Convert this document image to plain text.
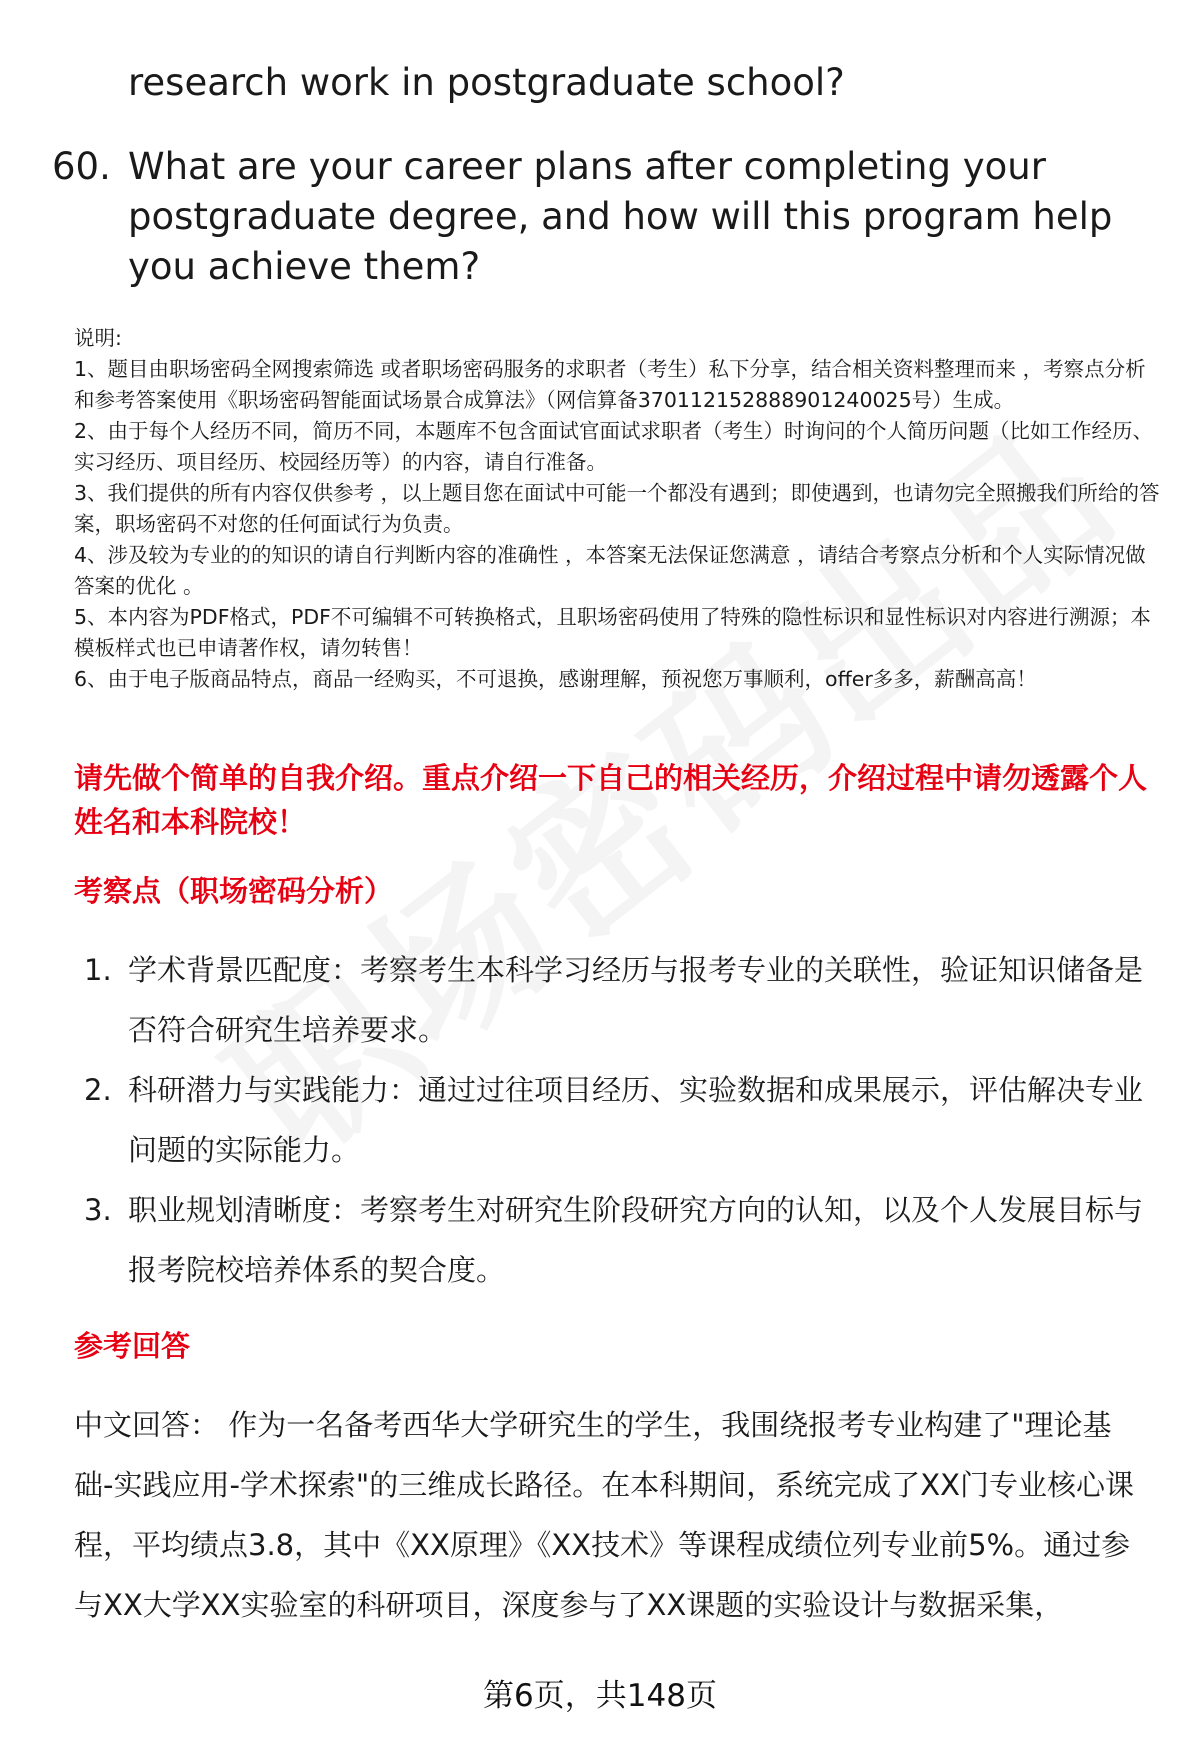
research work in postgraduate school?
60. What are your career plans after completing your postgraduate degree, and how will this program help you achieve them?
说明:
1、题目由职场密码全网搜索筛选 或者职场密码服务的求职者（考生）私下分享，结合相关资料整理而来 ，考察点分析和参考答案使用《职场密码智能面试场景合成算法》（网信算备370112152888901240025号）生成。
2、由于每个人经历不同，简历不同，本题库不包含面试官面试求职者（考生）时询问的个人简历问题（比如工作经历、实习经历、项目经历、校园经历等）的内容，请自行准备。
3、我们提供的所有内容仅供参考 ，以上题目您在面试中可能一个都没有遇到；即使遇到，也请勿完全照搬我们所给的答案，职场密码不对您的任何面试行为负责。
4、涉及较为专业的的知识的请自行判断内容的准确性 ，本答案无法保证您满意 ，请结合考察点分析和个人实际情况做答案的优化 。
5、本内容为PDF格式，PDF不可编辑不可转换格式，且职场密码使用了特殊的隐性标识和显性标识对内容进行溯源；本模板样式也已申请著作权，请勿转售！
6、由于电子版商品特点，商品一经购买，不可退换，感谢理解，预祝您万事顺利，offer多多，薪酬高高！
请先做个简单的自我介绍。重点介绍一下自己的相关经历，介绍过程中请勿透露个人姓名和本科院校！
考察点（职场密码分析）
1. 学术背景匹配度：考察考生本科学习经历与报考专业的关联性，验证知识储备是否符合研究生培养要求。
2. 科研潜力与实践能力：通过过往项目经历、实验数据和成果展示，评估解决专业问题的实际能力。
3. 职业规划清晰度：考察考生对研究生阶段研究方向的认知，以及个人发展目标与报考院校培养体系的契合度。
参考回答
中文回答： 作为一名备考西华大学研究生的学生，我围绕报考专业构建了"理论基础-实践应用-学术探索"的三维成长路径。在本科期间，系统完成了XX门专业核心课程，平均绩点3.8，其中《XX原理》《XX技术》等课程成绩位列专业前5%。通过参与XX大学XX实验室的科研项目，深度参与了XX课题的实验设计与数据采集，
第6页，共148页
